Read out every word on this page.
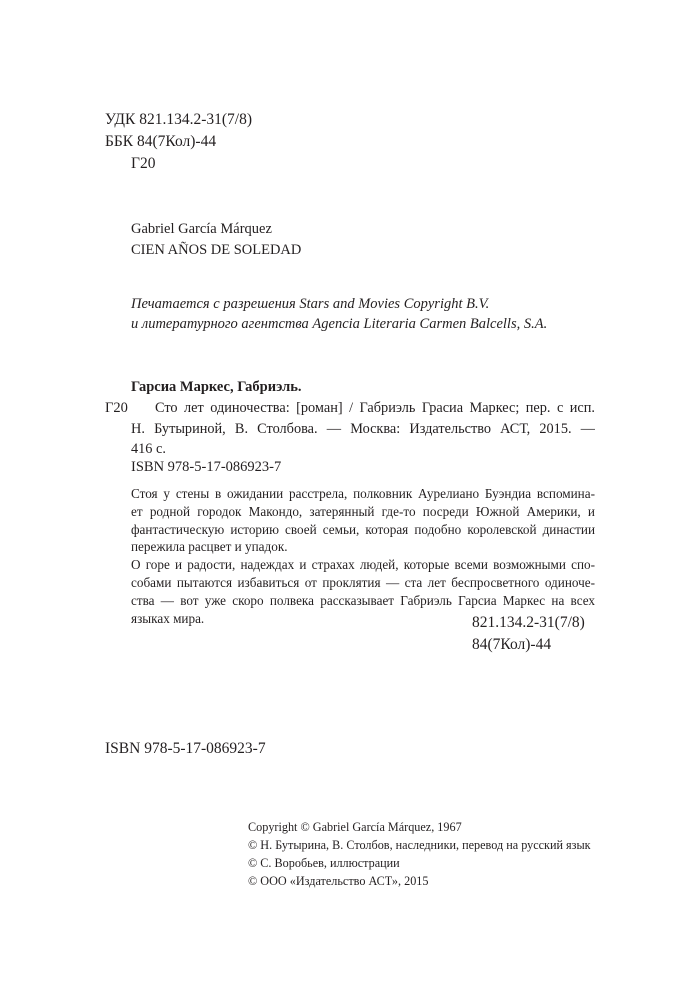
УДК 821.134.2-31(7/8)
ББК 84(7Кол)-44
Г20
Gabriel García Márquez
CIEN AÑOS DE SOLEDAD
Печатается с разрешения Stars and Movies Copyright B.V.
и литературного агентства Agencia Literaria Carmen Balcells, S.A.
Гарсиа Маркес, Габриэль.
Г20 Сто лет одиночества: [роман] / Габриэль Грасиа Маркес; пер. с исп.
Н. Бутыриной, В. Столбова. — Москва: Издательство АСТ, 2015. —
416 с.
ISBN 978-5-17-086923-7
Стоя у стены в ожидании расстрела, полковник Аурелиано Буэндиа вспомина-
ет родной городок Макондо, затерянный где-то посреди Южной Америки, и
фантастическую историю своей семьи, которая подобно королевской династии
пережила расцвет и упадок.
О горе и радости, надеждах и страхах людей, которые всеми возможными спо-
собами пытаются избавиться от проклятия — ста лет беспросветного одиноче-
ства — вот уже скоро полвека рассказывает Габриэль Гарсиа Маркес на всех
языках мира.	821.134.2-31(7/8)
84(7Кол)-44
ISBN 978-5-17-086923-7
Copyright © Gabriel García Márquez, 1967
© Н. Бутырина, В. Столбов, наследники, перевод на русский язык
© С. Воробьев, иллюстрации
© ООО «Издательство АСТ», 2015
